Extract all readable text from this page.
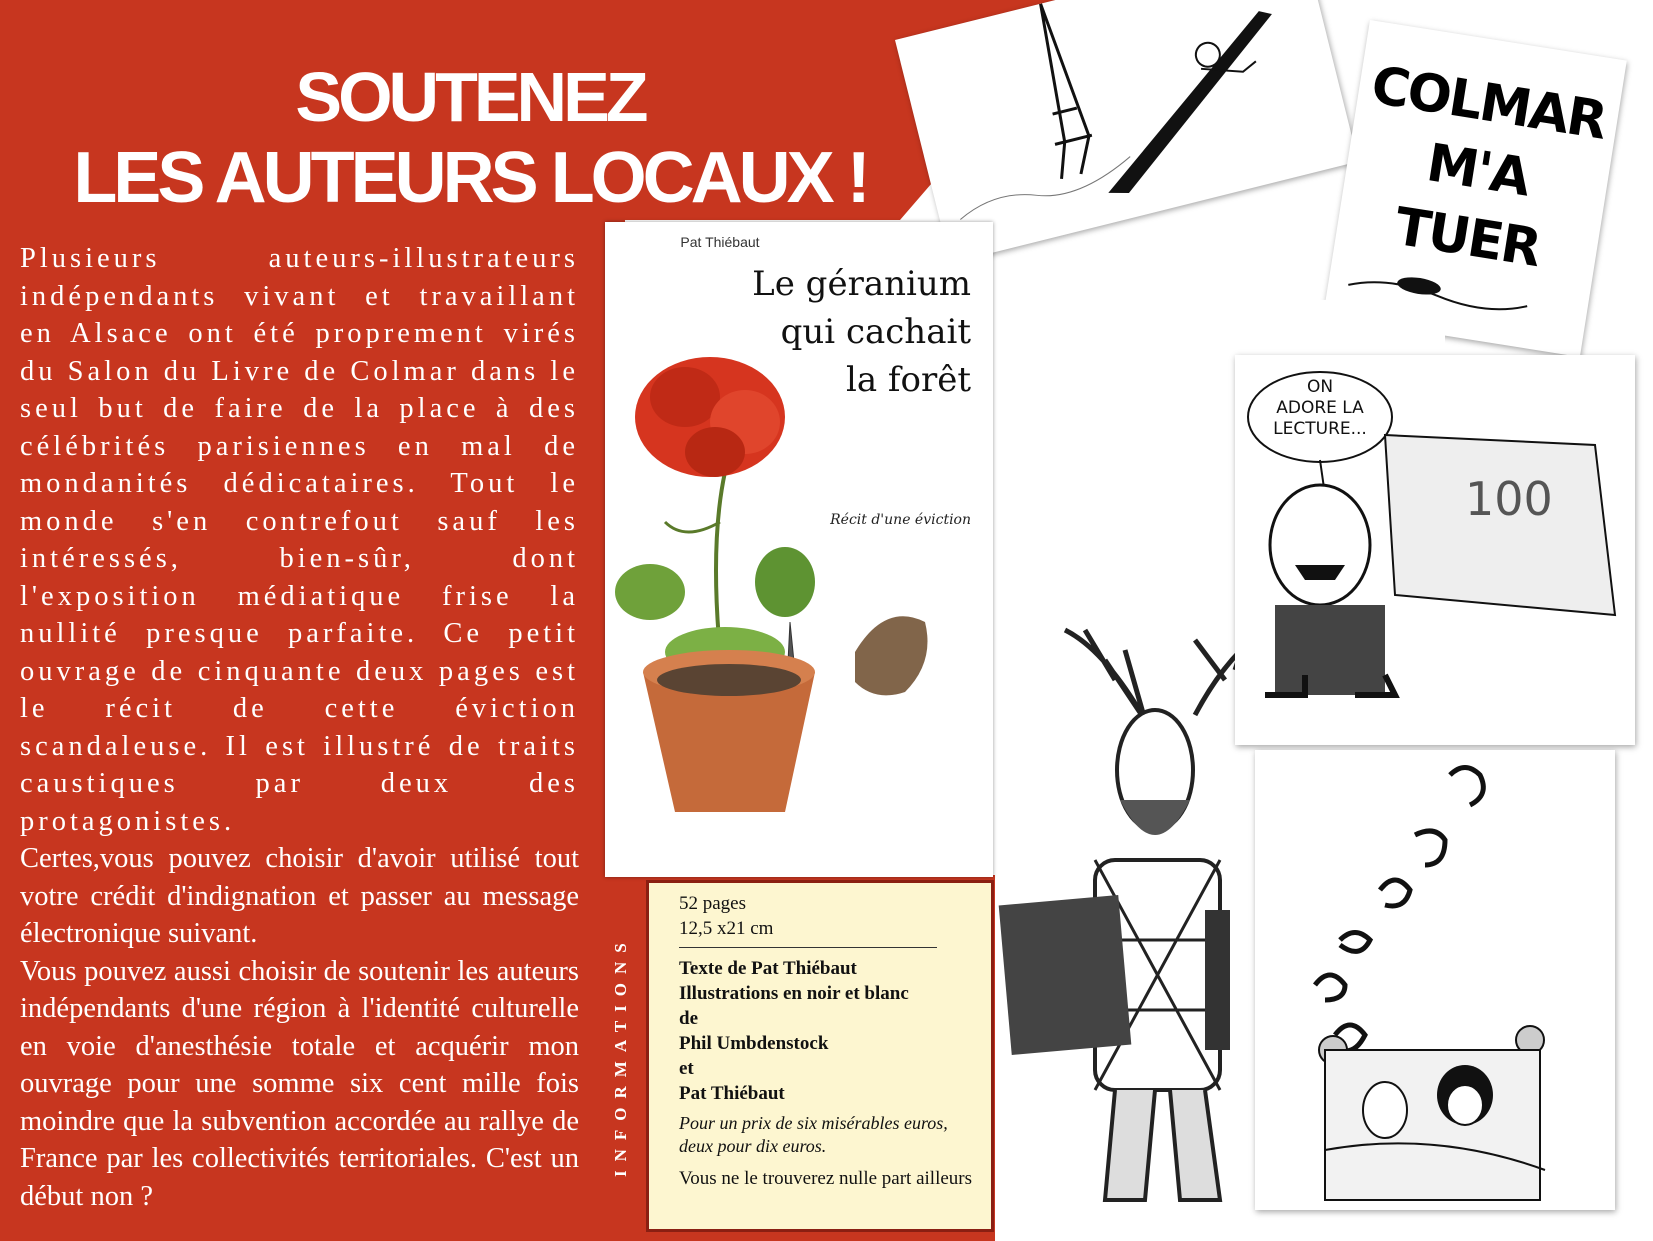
SOUTENEZ
LES AUTEURS LOCAUX !

Plusieurs auteurs-illustrateurs indépendants vivant et travaillant en Alsace ont été proprement virés du Salon du Livre de Colmar dans le seul but de faire de la place à des célébrités parisiennes en mal de mondanités dédicataires. Tout le monde s'en contrefout sauf les intéressés, bien-sûr, dont l'exposition médiatique frise la nullité presque parfaite. Ce petit ouvrage de cinquante deux pages est le récit de cette éviction scandaleuse. Il est illustré de traits caustiques par deux des protagonistes.

Certes,vous pouvez choisir d'avoir utilisé tout votre crédit d'indignation et passer au message électronique suivant.

Vous pouvez aussi choisir de soutenir les auteurs indépendants d'une région à l'identité culturelle en voie d'anesthésie totale et acquérir mon ouvrage pour une somme six cent mille fois moindre que la subvention accordée au rallye de France par les collectivités territoriales. C'est un début non ?

COLMAR
M'A
TUER
100
ON
ADORE LA
LECTURE...
Pat Thiébaut
Le géranium
qui cachait
la forêt
Récit d'une éviction
INFORMATIONS
52 pages
12,5 x21 cm
Texte de Pat Thiébaut
Illustrations en noir et blanc
de
Phil Umbdenstock
et
Pat Thiébaut
Pour un prix de six misérables euros, deux pour dix euros.
Vous ne le trouverez nulle part ailleurs
